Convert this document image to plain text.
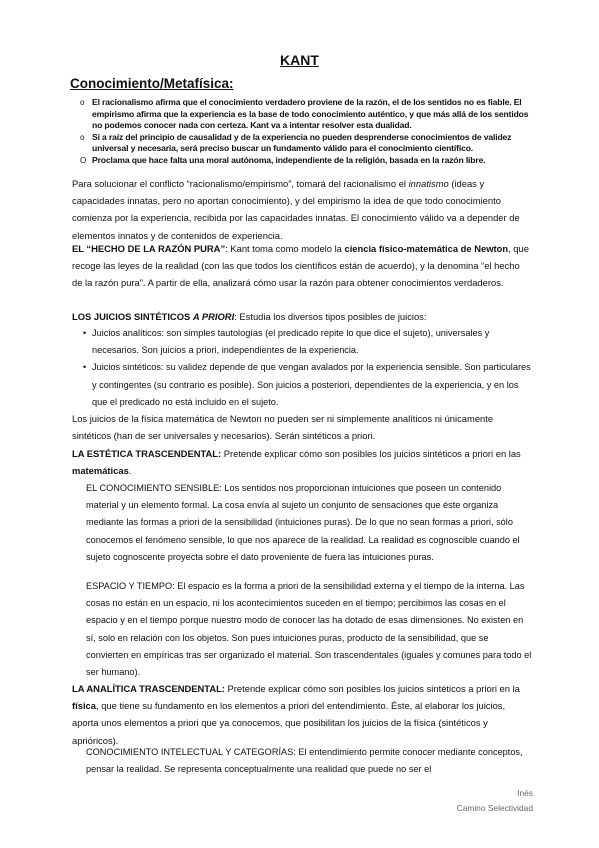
KANT
Conocimiento/Metafísica:
o El racionalismo afirma que el conocimiento verdadero proviene de la razón, el de los sentidos no es fiable. El empirismo afirma que la experiencia es la base de todo conocimiento auténtico, y que más allá de los sentidos no podemos conocer nada con certeza. Kant va a intentar resolver esta dualidad.
o Si a raíz del principio de causalidad y de la experiencia no pueden desprenderse conocimientos de validez universal y necesaria, será preciso buscar un fundamento válido para el conocimiento científico.
O Proclama que hace falta una moral autónoma, independiente de la religión, basada en la razón libre.

Para solucionar el conflicto “racionalismo/empirismo”, tomará del racionalismo el innatismo (ideas y capacidades innatas, pero no aportan conocimiento), y del empirismo la idea de que todo conocimiento comienza por la experiencia, recibida por las capacidades innatas. El conocimiento válido va a depender de elementos innatos y de contenidos de experiencia.

EL “HECHO DE LA RAZÓN PURA”: Kant toma como modelo la ciencia físico-matemática de Newton, que recoge las leyes de la realidad (con las que todos los científicos están de acuerdo), y la denomina “el hecho de la razón pura”. A partir de ella, analizará cómo usar la razón para obtener conocimientos verdaderos.

LOS JUICIOS SINTÉTICOS A PRIORI: Estudia los diversos tipos posibles de juicios:

• Juicios analíticos: son simples tautologías (el predicado repite lo que dice el sujeto), universales y necesarios. Son juicios a priori, independientes de la experiencia.
• Juicios sintéticos: su validez depende de que vengan avalados por la experiencia sensible. Son particulares y contingentes (su contrario es posible). Son juicios a posteriori, dependientes de la experiencia, y en los que el predicado no está incluido en el sujeto.

Los juicios de la física matemática de Newton no pueden ser ni simplemente analíticos ni únicamente sintéticos (han de ser universales y necesarios). Serán sintéticos a priori.

LA ESTÉTICA TRASCENDENTAL: Pretende explicar cómo son posibles los juicios sintéticos a priori en las matemáticas.

EL CONOCIMIENTO SENSIBLE: Los sentidos nos proporcionan intuiciones que poseen un contenido material y un elemento formal. La cosa envía al sujeto un conjunto de sensaciones que éste organiza mediante las formas a priori de la sensibilidad (intuiciones puras). De lo que no sean formas a priori, sólo conocemos el fenómeno sensible, lo que nos aparece de la realidad. La realidad es cognoscible cuando el sujeto cognoscente proyecta sobre el dato proveniente de fuera las intuiciones puras.

ESPACIO Y TIEMPO: El espacio es la forma a priori de la sensibilidad externa y el tiempo de la interna. Las cosas no están en un espacio, ni los acontecimientos suceden en el tiempo; percibimos las cosas en el espacio y en el tiempo porque nuestro modo de conocer las ha dotado de esas dimensiones. No existen en sí, solo en relación con los objetos. Son pues intuiciones puras, producto de la sensibilidad, que se convierten en empíricas tras ser organizado el material. Son trascendentales (iguales y comunes para todo el ser humano).

LA ANALÍTICA TRASCENDENTAL: Pretende explicar cómo son posibles los juicios sintéticos a priori en la física, que tiene su fundamento en los elementos a priori del entendimiento. Éste, al elaborar los juicios, aporta unos elementos a priori que ya conocemos, que posibilitan los juicios de la física (sintéticos y apriόricos).

CONOCIMIENTO INTELECTUAL Y CATEGORÍAS: El entendimiento permite conocer mediante conceptos, pensar la realidad. Se representa conceptualmente una realidad que puede no ser el

Inés
Camino Selectividad
